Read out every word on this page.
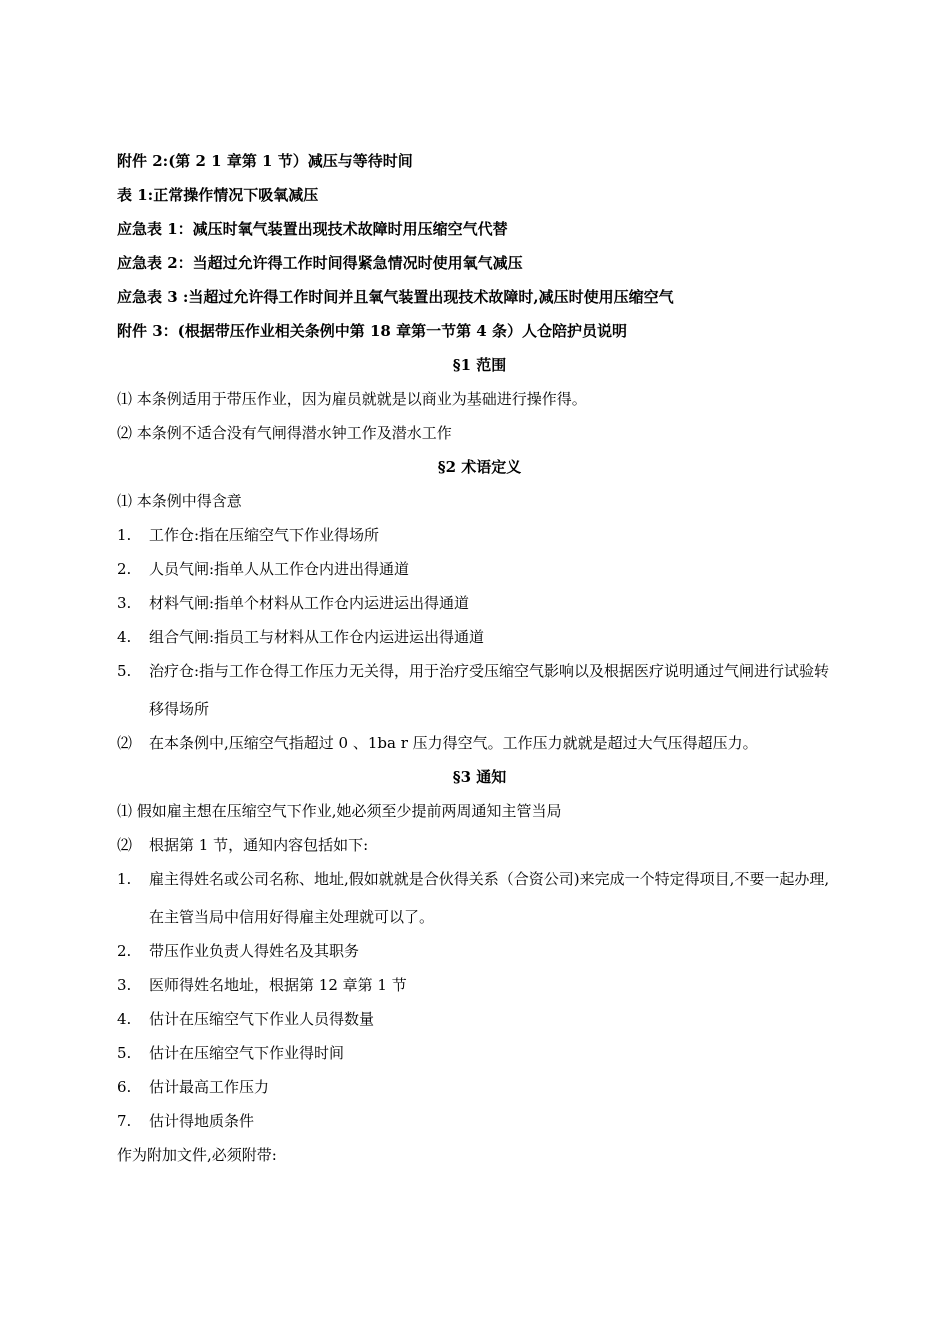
附件 2:(第 2 1 章第 1 节）减压与等待时间
表 1:正常操作情况下吸氧减压
应急表 1：减压时氧气装置出现技术故障时用压缩空气代替
应急表 2：当超过允许得工作时间得紧急情况时使用氧气减压
应急表 3 :当超过允许得工作时间并且氧气装置出现技术故障时,减压时使用压缩空气
附件 3：(根据带压作业相关条例中第 18 章第一节第 4 条）人仓陪护员说明
§1 范围
⑴ 本条例适用于带压作业，因为雇员就就是以商业为基础进行操作得。
⑵ 本条例不适合没有气闸得潜水钟工作及潜水工作
§2 术语定义
⑴ 本条例中得含意
1.	工作仓:指在压缩空气下作业得场所
2.	人员气闸:指单人从工作仓内进出得通道
3.	材料气闸:指单个材料从工作仓内运进运出得通道
4.	组合气闸:指员工与材料从工作仓内运进运出得通道
5.	治疗仓:指与工作仓得工作压力无关得，用于治疗受压缩空气影响以及根据医疗说明通过气闸进行试验转移得场所
⑵	在本条例中,压缩空气指超过 0 、1ba r 压力得空气。工作压力就就是超过大气压得超压力。
§3 通知
⑴ 假如雇主想在压缩空气下作业,她必须至少提前两周通知主管当局
⑵	根据第 1 节，通知内容包括如下:
1.	雇主得姓名或公司名称、地址,假如就就是合伙得关系（合资公司)来完成一个特定得项目,不要一起办理,在主管当局中信用好得雇主处理就可以了。
2.	带压作业负责人得姓名及其职务
3.	医师得姓名地址，根据第 12 章第 1 节
4.	估计在压缩空气下作业人员得数量
5.	估计在压缩空气下作业得时间
6.	估计最高工作压力
7.	估计得地质条件
作为附加文件,必须附带:
